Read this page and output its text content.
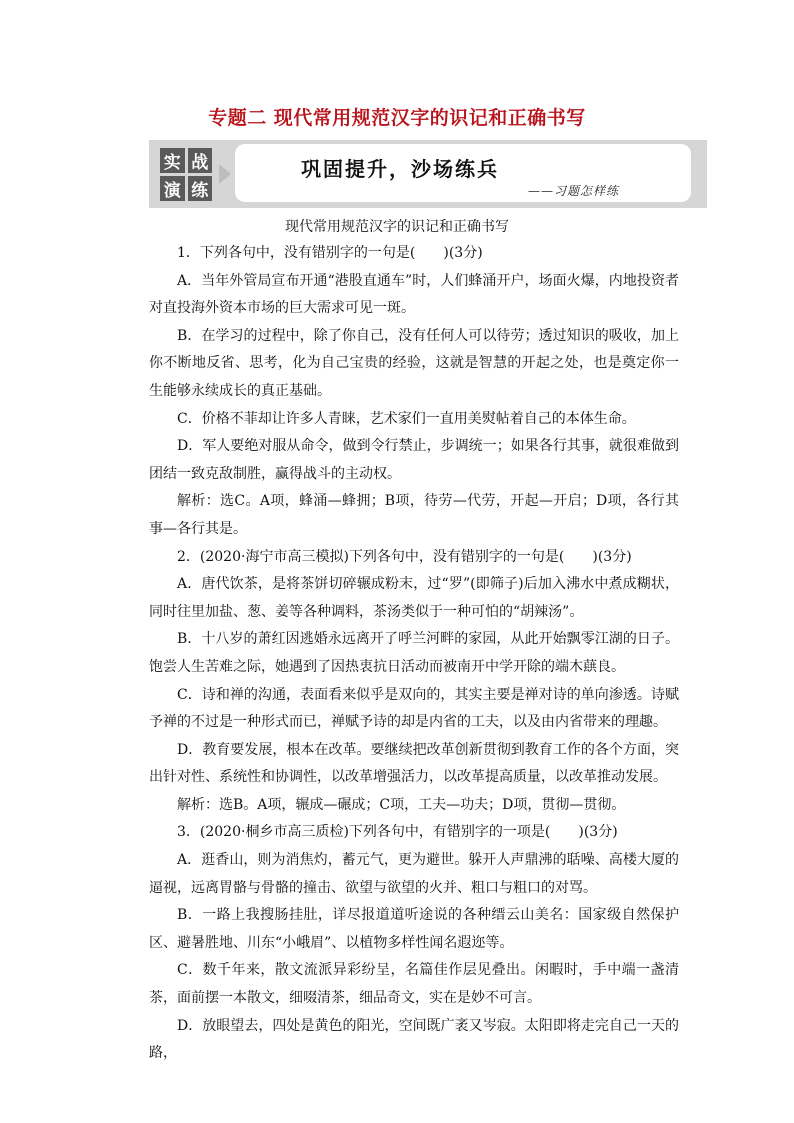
专题二 现代常用规范汉字的识记和正确书写
实 战
演 练
巩固提升，沙场练兵
——习题怎样练
现代常用规范汉字的识记和正确书写

1．下列各句中，没有错别字的一句是(　　)(3分)

A．当年外管局宣布开通“港股直通车”时，人们蜂涌开户，场面火爆，内地投资者对直投海外资本市场的巨大需求可见一斑。

B．在学习的过程中，除了你自己，没有任何人可以待劳；透过知识的吸收，加上你不断地反省、思考，化为自己宝贵的经验，这就是智慧的开起之处，也是奠定你一生能够永续成长的真正基础。

C．价格不菲却让许多人青睐，艺术家们一直用美熨帖着自己的本体生命。

D．军人要绝对服从命令，做到令行禁止，步调统一；如果各行其事，就很难做到团结一致克敌制胜，赢得战斗的主动权。

解析：选C。A项，蜂涌—蜂拥；B项，待劳—代劳，开起—开启；D项，各行其事—各行其是。

2．(2020·海宁市高三模拟)下列各句中，没有错别字的一句是(　　)(3分)

A．唐代饮茶，是将茶饼切碎辗成粉末，过“罗”(即筛子)后加入沸水中煮成糊状，同时往里加盐、葱、姜等各种调料，茶汤类似于一种可怕的“胡辣汤”。

B．十八岁的萧红因逃婚永远离开了呼兰河畔的家园，从此开始飘零江湖的日子。饱尝人生苦难之际，她遇到了因热衷抗日活动而被南开中学开除的端木蕻良。

C．诗和禅的沟通，表面看来似乎是双向的，其实主要是禅对诗的单向渗透。诗赋予禅的不过是一种形式而已，禅赋予诗的却是内省的工夫，以及由内省带来的理趣。

D．教育要发展，根本在改革。要继续把改革创新贯彻到教育工作的各个方面，突出针对性、系统性和协调性，以改革增强活力，以改革提高质量，以改革推动发展。

解析：选B。A项，辗成—碾成；C项，工夫—功夫；D项，贯彻—贯彻。

3．(2020·桐乡市高三质检)下列各句中，有错别字的一项是(　　)(3分)

A．逛香山，则为消焦灼，蓄元气，更为避世。躲开人声鼎沸的聒噪、高楼大厦的逼视，远离胃骼与骨骼的撞击、欲望与欲望的火并、粗口与粗口的对骂。

B．一路上我搜肠挂肚，详尽报道道听途说的各种缙云山美名：国家级自然保护区、避暑胜地、川东“小峨眉”、以植物多样性闻名遐迩等。

C．数千年来，散文流派异彩纷呈，名篇佳作层见叠出。闲暇时，手中端一盏清茶，面前摆一本散文，细啜清茶，细品奇文，实在是妙不可言。

D．放眼望去，四处是黄色的阳光，空间既广袤又岑寂。太阳即将走完自己一天的路，
